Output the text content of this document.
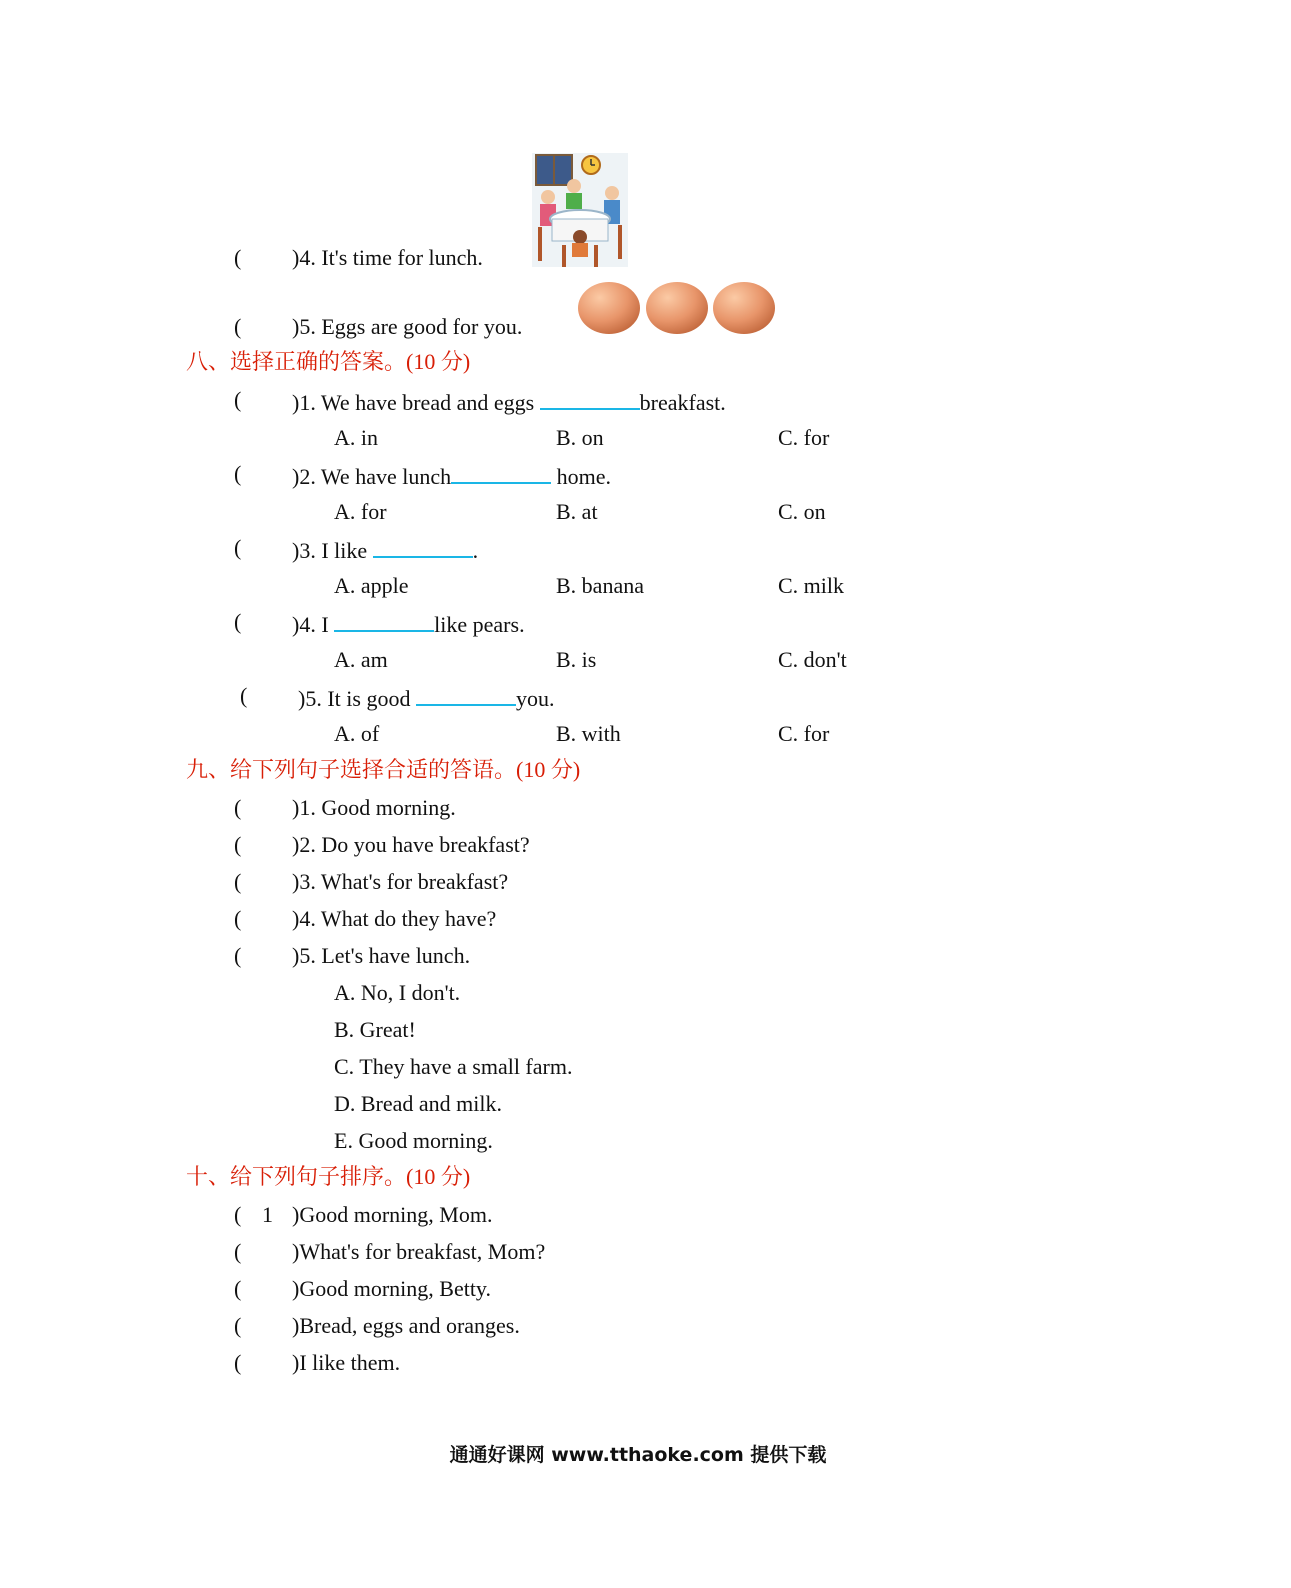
( )4. It's time for lunch.
( )5. Eggs are good for you.
八、选择正确的答案。(10 分)
( )1. We have bread and eggs	breakfast.
A. in	B. on	C. for
( )2. We have lunch	home.
A. for	B. at	C. on
( )3. I like	.
A. apple	B. banana	C. milk
( )4. I	like pears.
A. am	B. is	C. don't
( )5. It is good	you.
A. of	B. with	C. for
九、给下列句子选择合适的答语。(10 分)
( )1. Good morning.
( )2. Do you have breakfast?
( )3. What's for breakfast?
( )4. What do they have?
( )5. Let's have lunch.
A. No, I don't.
B. Great!
C. They have a small farm.
D. Bread and milk.
E. Good morning.
十、给下列句子排序。(10 分)
( 1 )Good morning, Mom.
( )What's for breakfast, Mom?
( )Good morning, Betty.
( )Bread, eggs and oranges.
( )I like them.
通通好课网 www.tthaoke.com 提供下载
